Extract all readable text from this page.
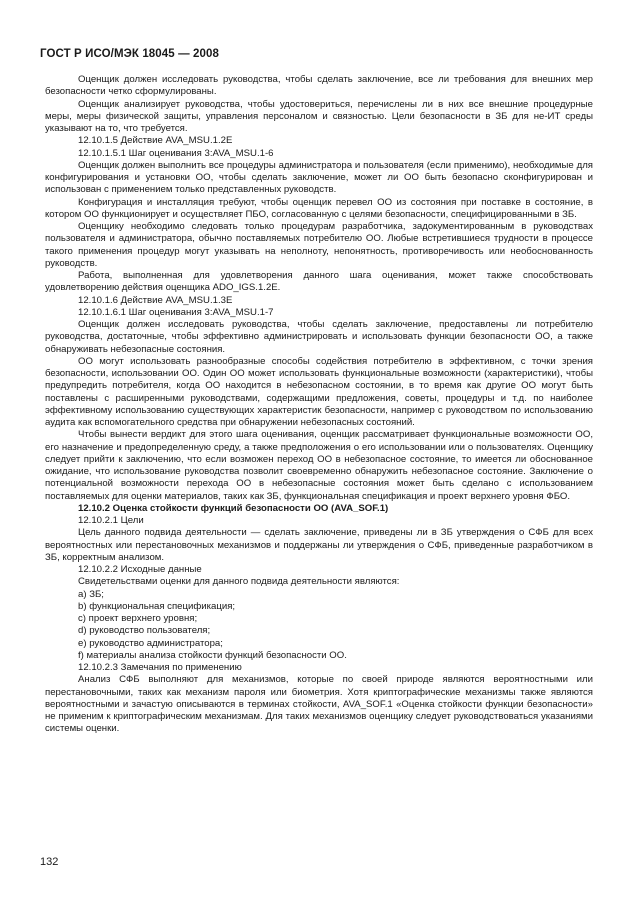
ГОСТ Р ИСО/МЭК 18045 — 2008

Оценщик должен исследовать руководства, чтобы сделать заключение, все ли требования для внешних мер безопасности четко сформулированы.

Оценщик анализирует руководства, чтобы удостовериться, перечислены ли в них все внешние процедурные меры, меры физической защиты, управления персоналом и связностью. Цели безопасности в ЗБ для не-ИТ среды указывают на то, что требуется.

12.10.1.5 Действие AVA_MSU.1.2E

12.10.1.5.1 Шаг оценивания 3:AVA_MSU.1-6

Оценщик должен выполнить все процедуры администратора и пользователя (если применимо), необходимые для конфигурирования и установки ОО, чтобы сделать заключение, может ли ОО быть безопасно сконфигурирован и использован с применением только представленных руководств.

Конфигурация и инсталляция требуют, чтобы оценщик перевел ОО из состояния при поставке в состояние, в котором ОО функционирует и осуществляет ПБО, согласованную с целями безопасности, специфицированными в ЗБ.

Оценщику необходимо следовать только процедурам разработчика, задокументированным в руководствах пользователя и администратора, обычно поставляемых потребителю ОО. Любые встретившиеся трудности в процессе такого применения процедур могут указывать на неполноту, непонятность, противоречивость или необоснованность руководств.

Работа, выполненная для удовлетворения данного шага оценивания, может также способствовать удовлетворению действия оценщика ADO_IGS.1.2E.

12.10.1.6 Действие AVA_MSU.1.3E

12.10.1.6.1 Шаг оценивания 3:AVA_MSU.1-7

Оценщик должен исследовать руководства, чтобы сделать заключение, предоставлены ли потребителю руководства, достаточные, чтобы эффективно администрировать и использовать функции безопасности ОО, а также обнаруживать небезопасные состояния.

ОО могут использовать разнообразные способы содействия потребителю в эффективном, с точки зрения безопасности, использовании ОО. Один ОО может использовать функциональные возможности (характеристики), чтобы предупредить потребителя, когда ОО находится в небезопасном состоянии, в то время как другие ОО могут быть поставлены с расширенными руководствами, содержащими предложения, советы, процедуры и т.д. по наиболее эффективному использованию существующих характеристик безопасности, например с руководством по использованию аудита как вспомогательного средства при обнаружении небезопасных состояний.

Чтобы вынести вердикт для этого шага оценивания, оценщик рассматривает функциональные возможности ОО, его назначение и предопределенную среду, а также предположения о его использовании или о пользователях. Оценщику следует прийти к заключению, что если возможен переход ОО в небезопасное состояние, то имеется ли обоснованное ожидание, что использование руководства позволит своевременно обнаружить небезопасное состояние. Заключение о потенциальной возможности перехода ОО в небезопасные состояния может быть сделано с использованием поставляемых для оценки материалов, таких как ЗБ, функциональная спецификация и проект верхнего уровня ФБО.

12.10.2 Оценка стойкости функций безопасности ОО (AVA_SOF.1)

12.10.2.1 Цели

Цель данного подвида деятельности — сделать заключение, приведены ли в ЗБ утверждения о СФБ для всех вероятностных или перестановочных механизмов и поддержаны ли утверждения о СФБ, приведенные разработчиком в ЗБ, корректным анализом.

12.10.2.2 Исходные данные

Свидетельствами оценки для данного подвида деятельности являются:

а) ЗБ;

b) функциональная спецификация;

c) проект верхнего уровня;

d) руководство пользователя;

e) руководство администратора;

f) материалы анализа стойкости функций безопасности ОО.

12.10.2.3 Замечания по применению

Анализ СФБ выполняют для механизмов, которые по своей природе являются вероятностными или перестановочными, таких как механизм пароля или биометрия. Хотя криптографические механизмы также являются вероятностными и зачастую описываются в терминах стойкости, AVA_SOF.1 «Оценка стойкости функции безопасности» не применим к криптографическим механизмам. Для таких механизмов оценщику следует руководствоваться указаниями системы оценки.

132
